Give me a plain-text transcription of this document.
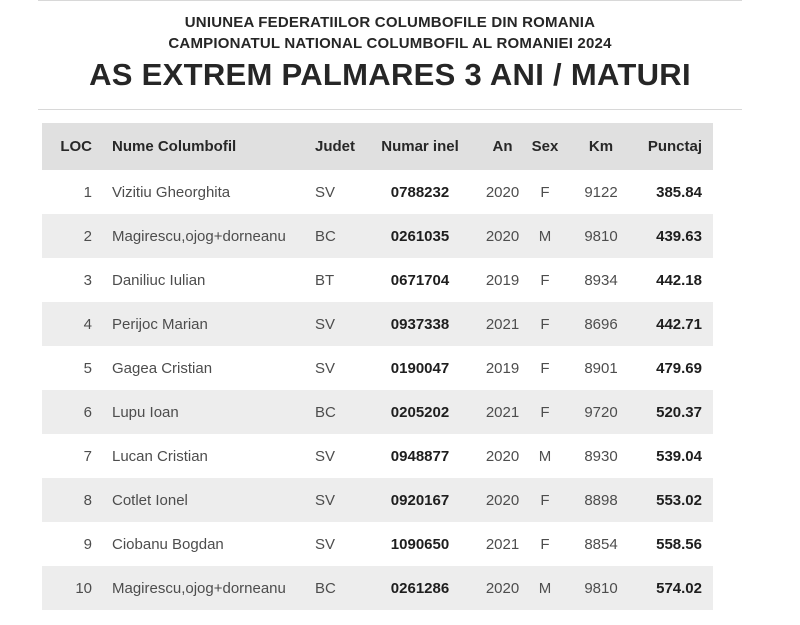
UNIUNEA FEDERATIILOR COLUMBOFILE DIN ROMANIA
CAMPIONATUL NATIONAL COLUMBOFIL AL ROMANIEI 2024
AS EXTREM PALMARES 3 ANI / MATURI
LOC	Nume Columbofil	Judet	Numar inel	An	Sex	Km	Punctaj
1	Vizitiu Gheorghita	SV	0788232	2020	F	9122	385.84
2	Magirescu,ojog+dorneanu	BC	0261035	2020	M	9810	439.63
3	Daniliuc Iulian	BT	0671704	2019	F	8934	442.18
4	Perijoc Marian	SV	0937338	2021	F	8696	442.71
5	Gagea Cristian	SV	0190047	2019	F	8901	479.69
6	Lupu Ioan	BC	0205202	2021	F	9720	520.37
7	Lucan Cristian	SV	0948877	2020	M	8930	539.04
8	Cotlet Ionel	SV	0920167	2020	F	8898	553.02
9	Ciobanu Bogdan	SV	1090650	2021	F	8854	558.56
10	Magirescu,ojog+dorneanu	BC	0261286	2020	M	9810	574.02
